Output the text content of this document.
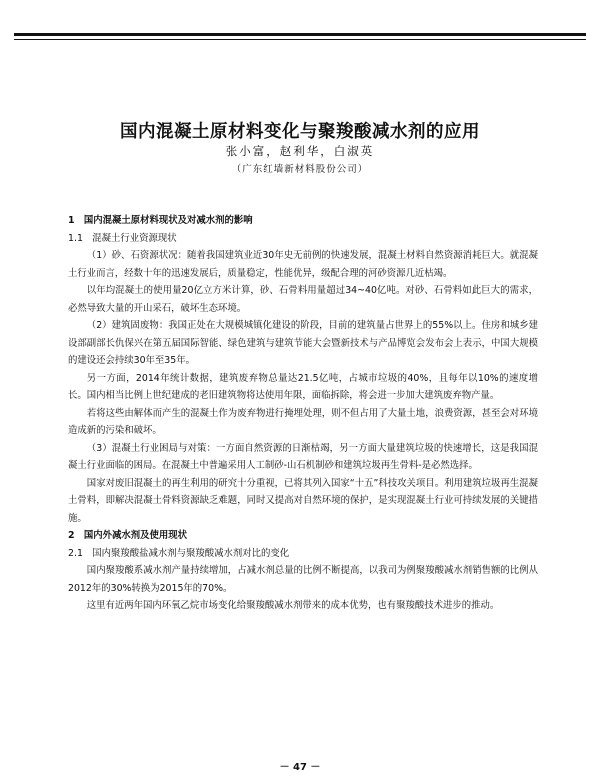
国内混凝土原材料变化与聚羧酸减水剂的应用
张小富，赵利华，白淑英
（广东红墙新材料股份公司）

1　国内混凝土原材料现状及对减水剂的影响

1.1　混凝土行业资源现状

（1）砂、石资源状况：随着我国建筑业近30年史无前例的快速发展，混凝土材料自然资源消耗巨大。就混凝土行业而言，经数十年的迅速发展后，质量稳定，性能优异，级配合理的河砂资源几近枯竭。

以年均混凝土的使用量20亿立方米计算，砂、石骨料用量超过34~40亿吨。对砂、石骨料如此巨大的需求，必然导致大量的开山采石，破坏生态环境。

（2）建筑固废物：我国正处在大规模城镇化建设的阶段，目前的建筑量占世界上的55%以上。住房和城乡建设部副部长仇保兴在第五届国际智能、绿色建筑与建筑节能大会暨新技术与产品博览会发布会上表示，中国大规模的建设还会持续30年至35年。

另一方面，2014年统计数据，建筑废弃物总量达21.5亿吨，占城市垃圾的40%，且每年以10%的速度增长。国内相当比例上世纪建成的老旧建筑物将达使用年限，面临拆除，将会进一步加大建筑废弃物产量。

若将这些由解体而产生的混凝土作为废弃物进行掩埋处理，则不但占用了大量土地，浪费资源，甚至会对环境造成新的污染和破坏。

（3）混凝土行业困局与对策：一方面自然资源的日渐枯竭，另一方面大量建筑垃圾的快速增长，这是我国混凝土行业面临的困局。在混凝土中普遍采用人工制砂-山石机制砂和建筑垃圾再生骨料-是必然选择。

国家对废旧混凝土的再生利用的研究十分重视，已将其列入国家“十五”科技攻关项目。利用建筑垃圾再生混凝土骨料，即解决混凝土骨料资源缺乏难题，同时又提高对自然环境的保护，是实现混凝土行业可持续发展的关键措施。

2　国内外减水剂及使用现状

2.1　国内聚羧酸盐减水剂与聚羧酸减水剂对比的变化

国内聚羧酸系减水剂产量持续增加，占减水剂总量的比例不断提高，以我司为例聚羧酸减水剂销售额的比例从2012年的30%转换为2015年的70%。

这里有近两年国内环氧乙烷市场变化给聚羧酸减水剂带来的成本优势，也有聚羧酸技术进步的推动。

－ 47 －
